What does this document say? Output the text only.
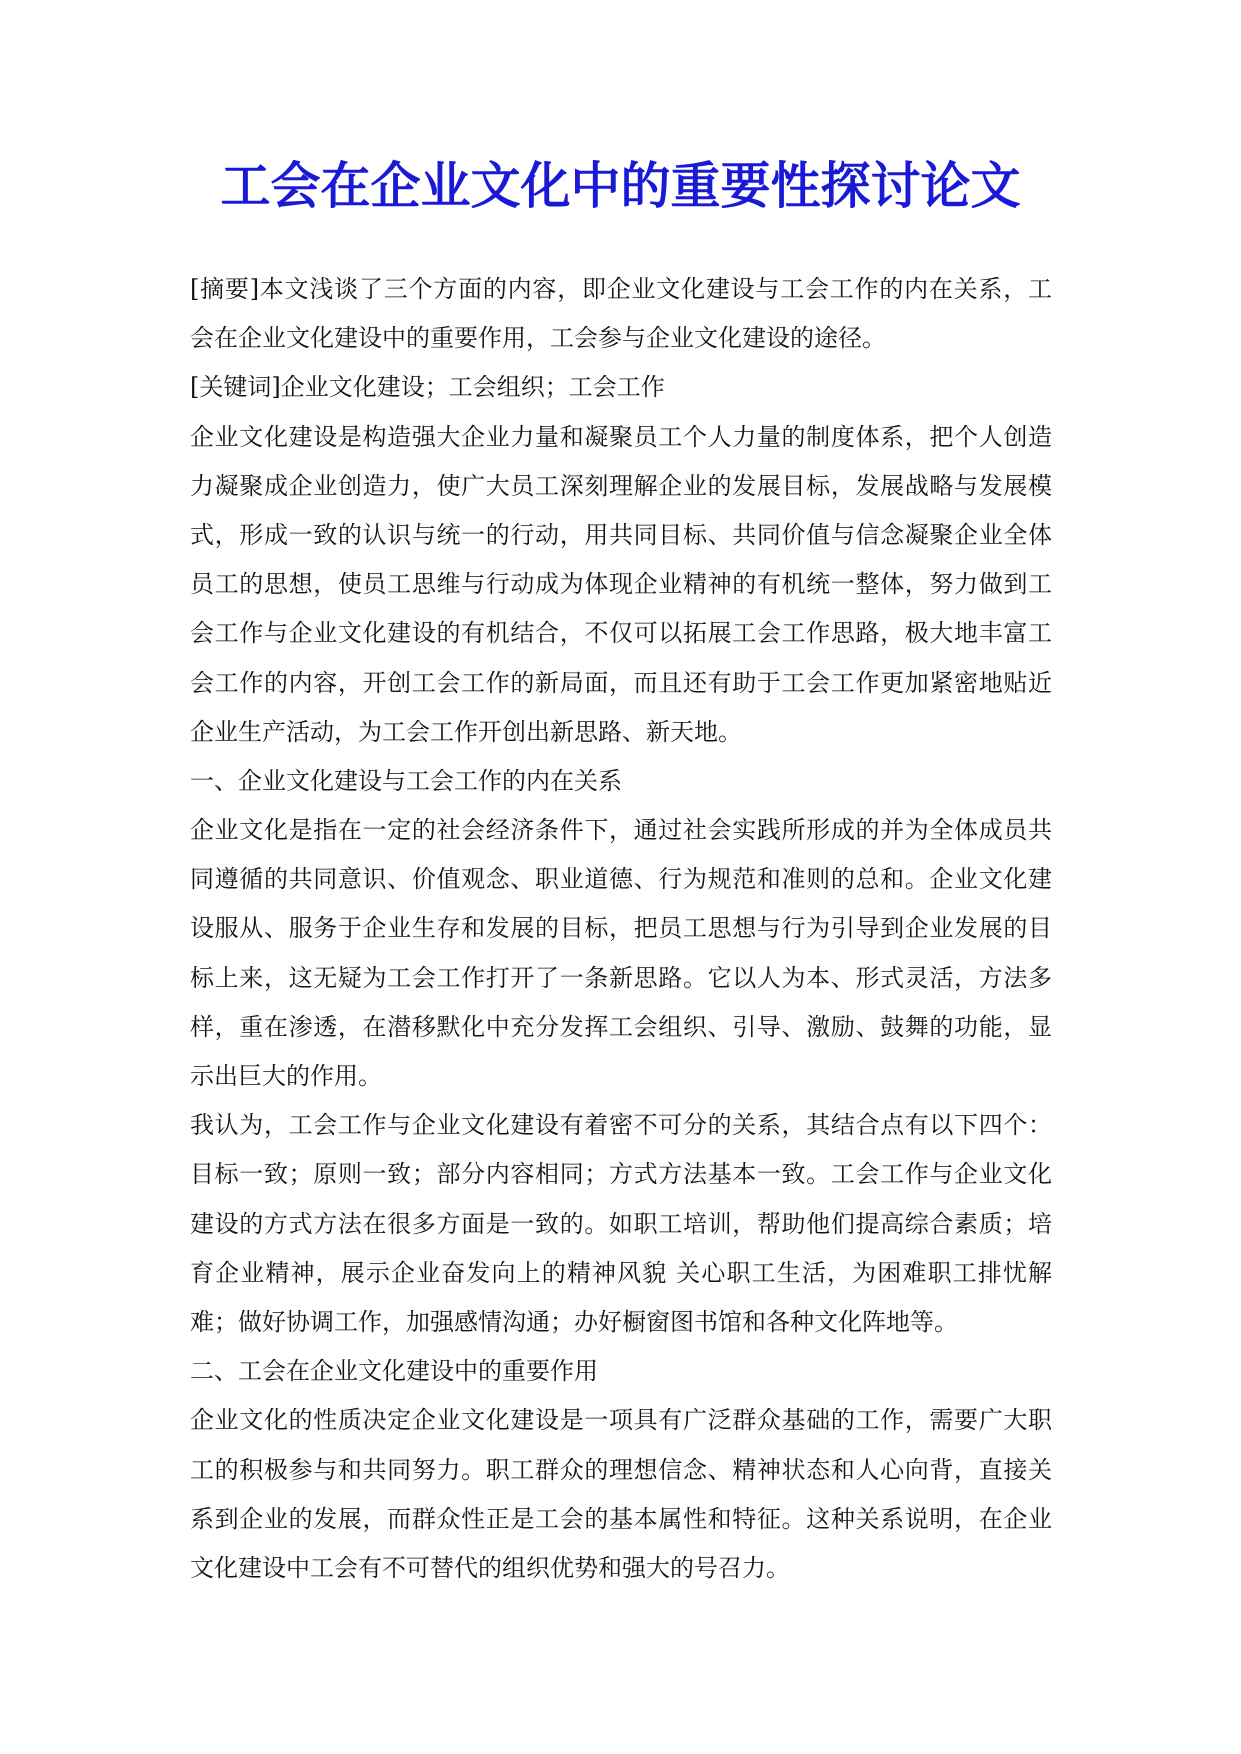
工会在企业文化中的重要性探讨论文
[摘要]本文浅谈了三个方面的内容，即企业文化建设与工会工作的内在关系，工
会在企业文化建设中的重要作用，工会参与企业文化建设的途径。
[关键词]企业文化建设；工会组织；工会工作
企业文化建设是构造强大企业力量和凝聚员工个人力量的制度体系，把个人创造
力凝聚成企业创造力，使广大员工深刻理解企业的发展目标，发展战略与发展模
式，形成一致的认识与统一的行动，用共同目标、共同价值与信念凝聚企业全体
员工的思想，使员工思维与行动成为体现企业精神的有机统一整体，努力做到工
会工作与企业文化建设的有机结合，不仅可以拓展工会工作思路，极大地丰富工
会工作的内容，开创工会工作的新局面，而且还有助于工会工作更加紧密地贴近
企业生产活动，为工会工作开创出新思路、新天地。
一、企业文化建设与工会工作的内在关系
企业文化是指在一定的社会经济条件下，通过社会实践所形成的并为全体成员共
同遵循的共同意识、价值观念、职业道德、行为规范和准则的总和。企业文化建
设服从、服务于企业生存和发展的目标，把员工思想与行为引导到企业发展的目
标上来，这无疑为工会工作打开了一条新思路。它以人为本、形式灵活，方法多
样，重在渗透，在潜移默化中充分发挥工会组织、引导、激励、鼓舞的功能，显
示出巨大的作用。
我认为，工会工作与企业文化建设有着密不可分的关系，其结合点有以下四个：
目标一致；原则一致；部分内容相同；方式方法基本一致。工会工作与企业文化
建设的方式方法在很多方面是一致的。如职工培训，帮助他们提高综合素质；培
育企业精神，展示企业奋发向上的精神风貌 关心职工生活，为困难职工排忧解
难；做好协调工作，加强感情沟通；办好橱窗图书馆和各种文化阵地等。
二、工会在企业文化建设中的重要作用
企业文化的性质决定企业文化建设是一项具有广泛群众基础的工作，需要广大职
工的积极参与和共同努力。职工群众的理想信念、精神状态和人心向背，直接关
系到企业的发展，而群众性正是工会的基本属性和特征。这种关系说明，在企业
文化建设中工会有不可替代的组织优势和强大的号召力。
